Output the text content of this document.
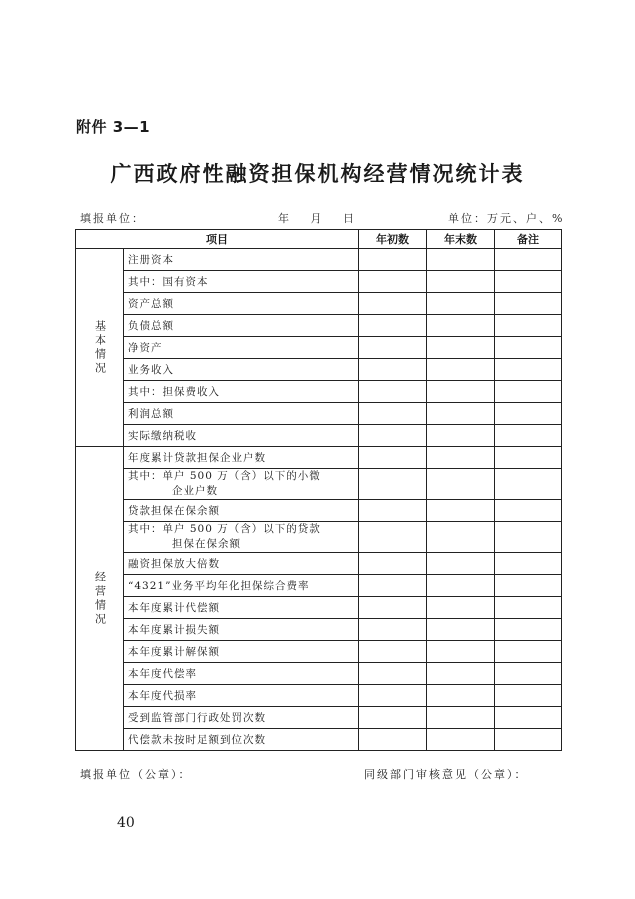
附件 3—1
广西政府性融资担保机构经营情况统计表
填报单位：	年 月 日	单位：万元、户、%
项目		年初数	年末数	备注
基本情况	注册资本			
	其中：国有资本			
	资产总额			
	负债总额			
	净资产			
	业务收入			
	其中：担保费收入			
	利润总额			
	实际缴纳税收			
经营情况	年度累计贷款担保企业户数			
	其中：单户 500 万（含）以下的小微
企业户数			

	贷款担保在保余额			
	其中：单户 500 万（含）以下的贷款
担保在保余额			

	融资担保放大倍数			
	“4321”业务平均年化担保综合费率			
	本年度累计代偿额			
	本年度累计损失额			
	本年度累计解保额			
	本年度代偿率			
	本年度代损率			
	受到监管部门行政处罚次数			
	代偿款未按时足额到位次数			
填报单位（公章）：	同级部门审核意见（公章）：
40
